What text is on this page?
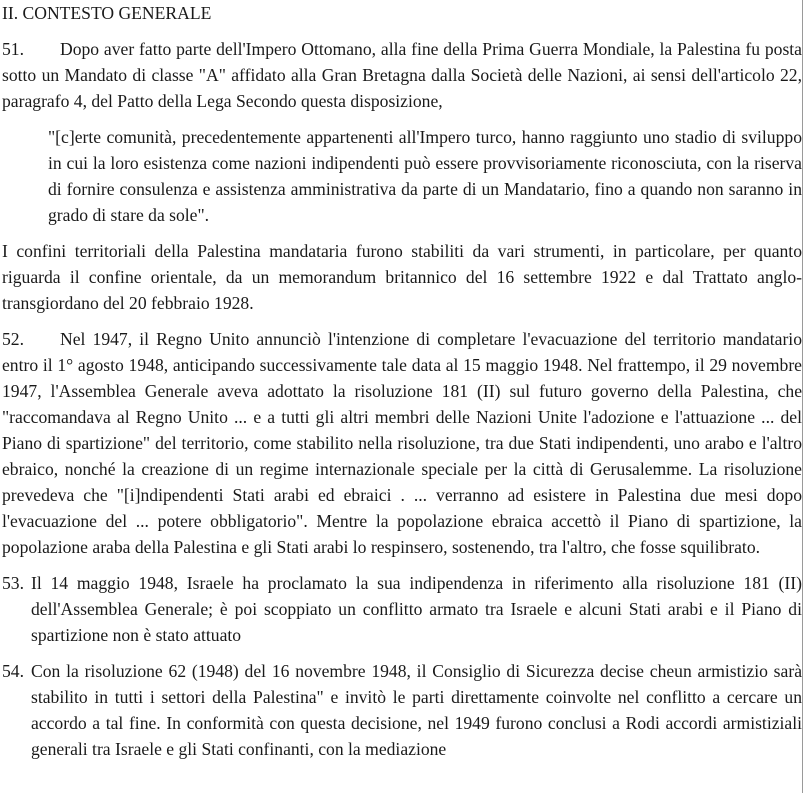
II. CONTESTO GENERALE

51. Dopo aver fatto parte dell'Impero Ottomano, alla fine della Prima Guerra Mondiale, la Palestina fu posta sotto un Mandato di classe "A" affidato alla Gran Bretagna dalla Società delle Nazioni, ai sensi dell'articolo 22, paragrafo 4, del Patto della Lega Secondo questa disposizione,

"[c]erte comunità, precedentemente appartenenti all'Impero turco, hanno raggiunto uno stadio di sviluppo in cui la loro esistenza come nazioni indipendenti può essere provvisoriamente riconosciuta, con la riserva di fornire consulenza e assistenza amministrativa da parte di un Mandatario, fino a quando non saranno in grado di stare da sole".

I confini territoriali della Palestina mandataria furono stabiliti da vari strumenti, in particolare, per quanto riguarda il confine orientale, da un memorandum britannico del 16 settembre 1922 e dal Trattato anglo-transgiordano del 20 febbraio 1928.

52. Nel 1947, il Regno Unito annunciò l'intenzione di completare l'evacuazione del territorio mandatario entro il 1° agosto 1948, anticipando successivamente tale data al 15 maggio 1948. Nel frattempo, il 29 novembre 1947, l'Assemblea Generale aveva adottato la risoluzione 181 (II) sul futuro governo della Palestina, che "raccomandava al Regno Unito ... e a tutti gli altri membri delle Nazioni Unite l'adozione e l'attuazione ... del Piano di spartizione" del territorio, come stabilito nella risoluzione, tra due Stati indipendenti, uno arabo e l'altro ebraico, nonché la creazione di un regime internazionale speciale per la città di Gerusalemme. La risoluzione prevedeva che "[i]ndipendenti Stati arabi ed ebraici . ... verranno ad esistere in Palestina due mesi dopo l'evacuazione del ... potere obbligatorio". Mentre la popolazione ebraica accettò il Piano di spartizione, la popolazione araba della Palestina e gli Stati arabi lo respinsero, sostenendo, tra l'altro, che fosse squilibrato.

53. Il 14 maggio 1948, Israele ha proclamato la sua indipendenza in riferimento alla risoluzione 181 (II) dell'Assemblea Generale; è poi scoppiato un conflitto armato tra Israele e alcuni Stati arabi e il Piano di spartizione non è stato attuato
54. Con la risoluzione 62 (1948) del 16 novembre 1948, il Consiglio di Sicurezza decise cheun armistizio sarà stabilito in tutti i settori della Palestina" e invitò le parti direttamente coinvolte nel conflitto a cercare un accordo a tal fine. In conformità con questa decisione, nel 1949 furono conclusi a Rodi accordi armistiziali generali tra Israele e gli Stati confinanti, con la mediazione
